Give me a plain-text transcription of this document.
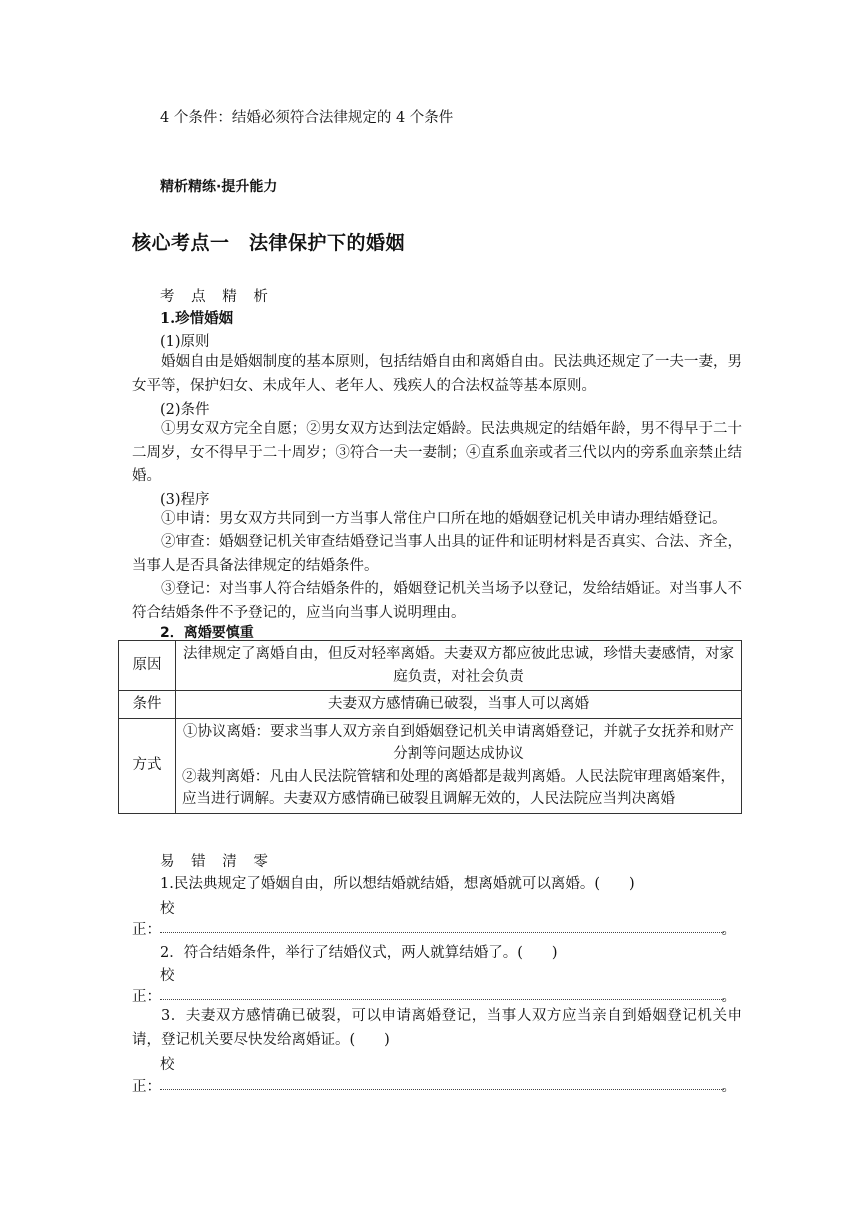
4 个条件：结婚必须符合法律规定的 4 个条件
精析精练·提升能力
核心考点一　法律保护下的婚姻
考 点 精 析
1.珍惜婚姻
(1)原则
婚姻自由是婚姻制度的基本原则，包括结婚自由和离婚自由。民法典还规定了一夫一妻，男女平等，保护妇女、未成年人、老年人、残疾人的合法权益等基本原则。
(2)条件
①男女双方完全自愿；②男女双方达到法定婚龄。民法典规定的结婚年龄，男不得早于二十二周岁，女不得早于二十周岁；③符合一夫一妻制；④直系血亲或者三代以内的旁系血亲禁止结婚。
(3)程序
①申请：男女双方共同到一方当事人常住户口所在地的婚姻登记机关申请办理结婚登记。
②审查：婚姻登记机关审查结婚登记当事人出具的证件和证明材料是否真实、合法、齐全，当事人是否具备法律规定的结婚条件。
③登记：对当事人符合结婚条件的，婚姻登记机关当场予以登记，发给结婚证。对当事人不符合结婚条件不予登记的，应当向当事人说明理由。
2．离婚要慎重
原因	法律规定了离婚自由，但反对轻率离婚。夫妻双方都应彼此忠诚，珍惜夫妻感情，对家庭负责，对社会负责
条件	夫妻双方感情确已破裂，当事人可以离婚
方式	①协议离婚：要求当事人双方亲自到婚姻登记机关申请离婚登记，并就子女抚养和财产分割等问题达成协议
②裁判离婚：凡由人民法院管辖和处理的离婚都是裁判离婚。人民法院审理离婚案件，应当进行调解。夫妻双方感情确已破裂且调解无效的，人民法院应当判决离婚
易 错 清 零
1.民法典规定了婚姻自由，所以想结婚就结婚，想离婚就可以离婚。(　　)
校
正：	。
2．符合结婚条件，举行了结婚仪式，两人就算结婚了。(　　)
校
正：	。
3．夫妻双方感情确已破裂，可以申请离婚登记，当事人双方应当亲自到婚姻登记机关申请，登记机关要尽快发给离婚证。(　　)
校
正：	。
